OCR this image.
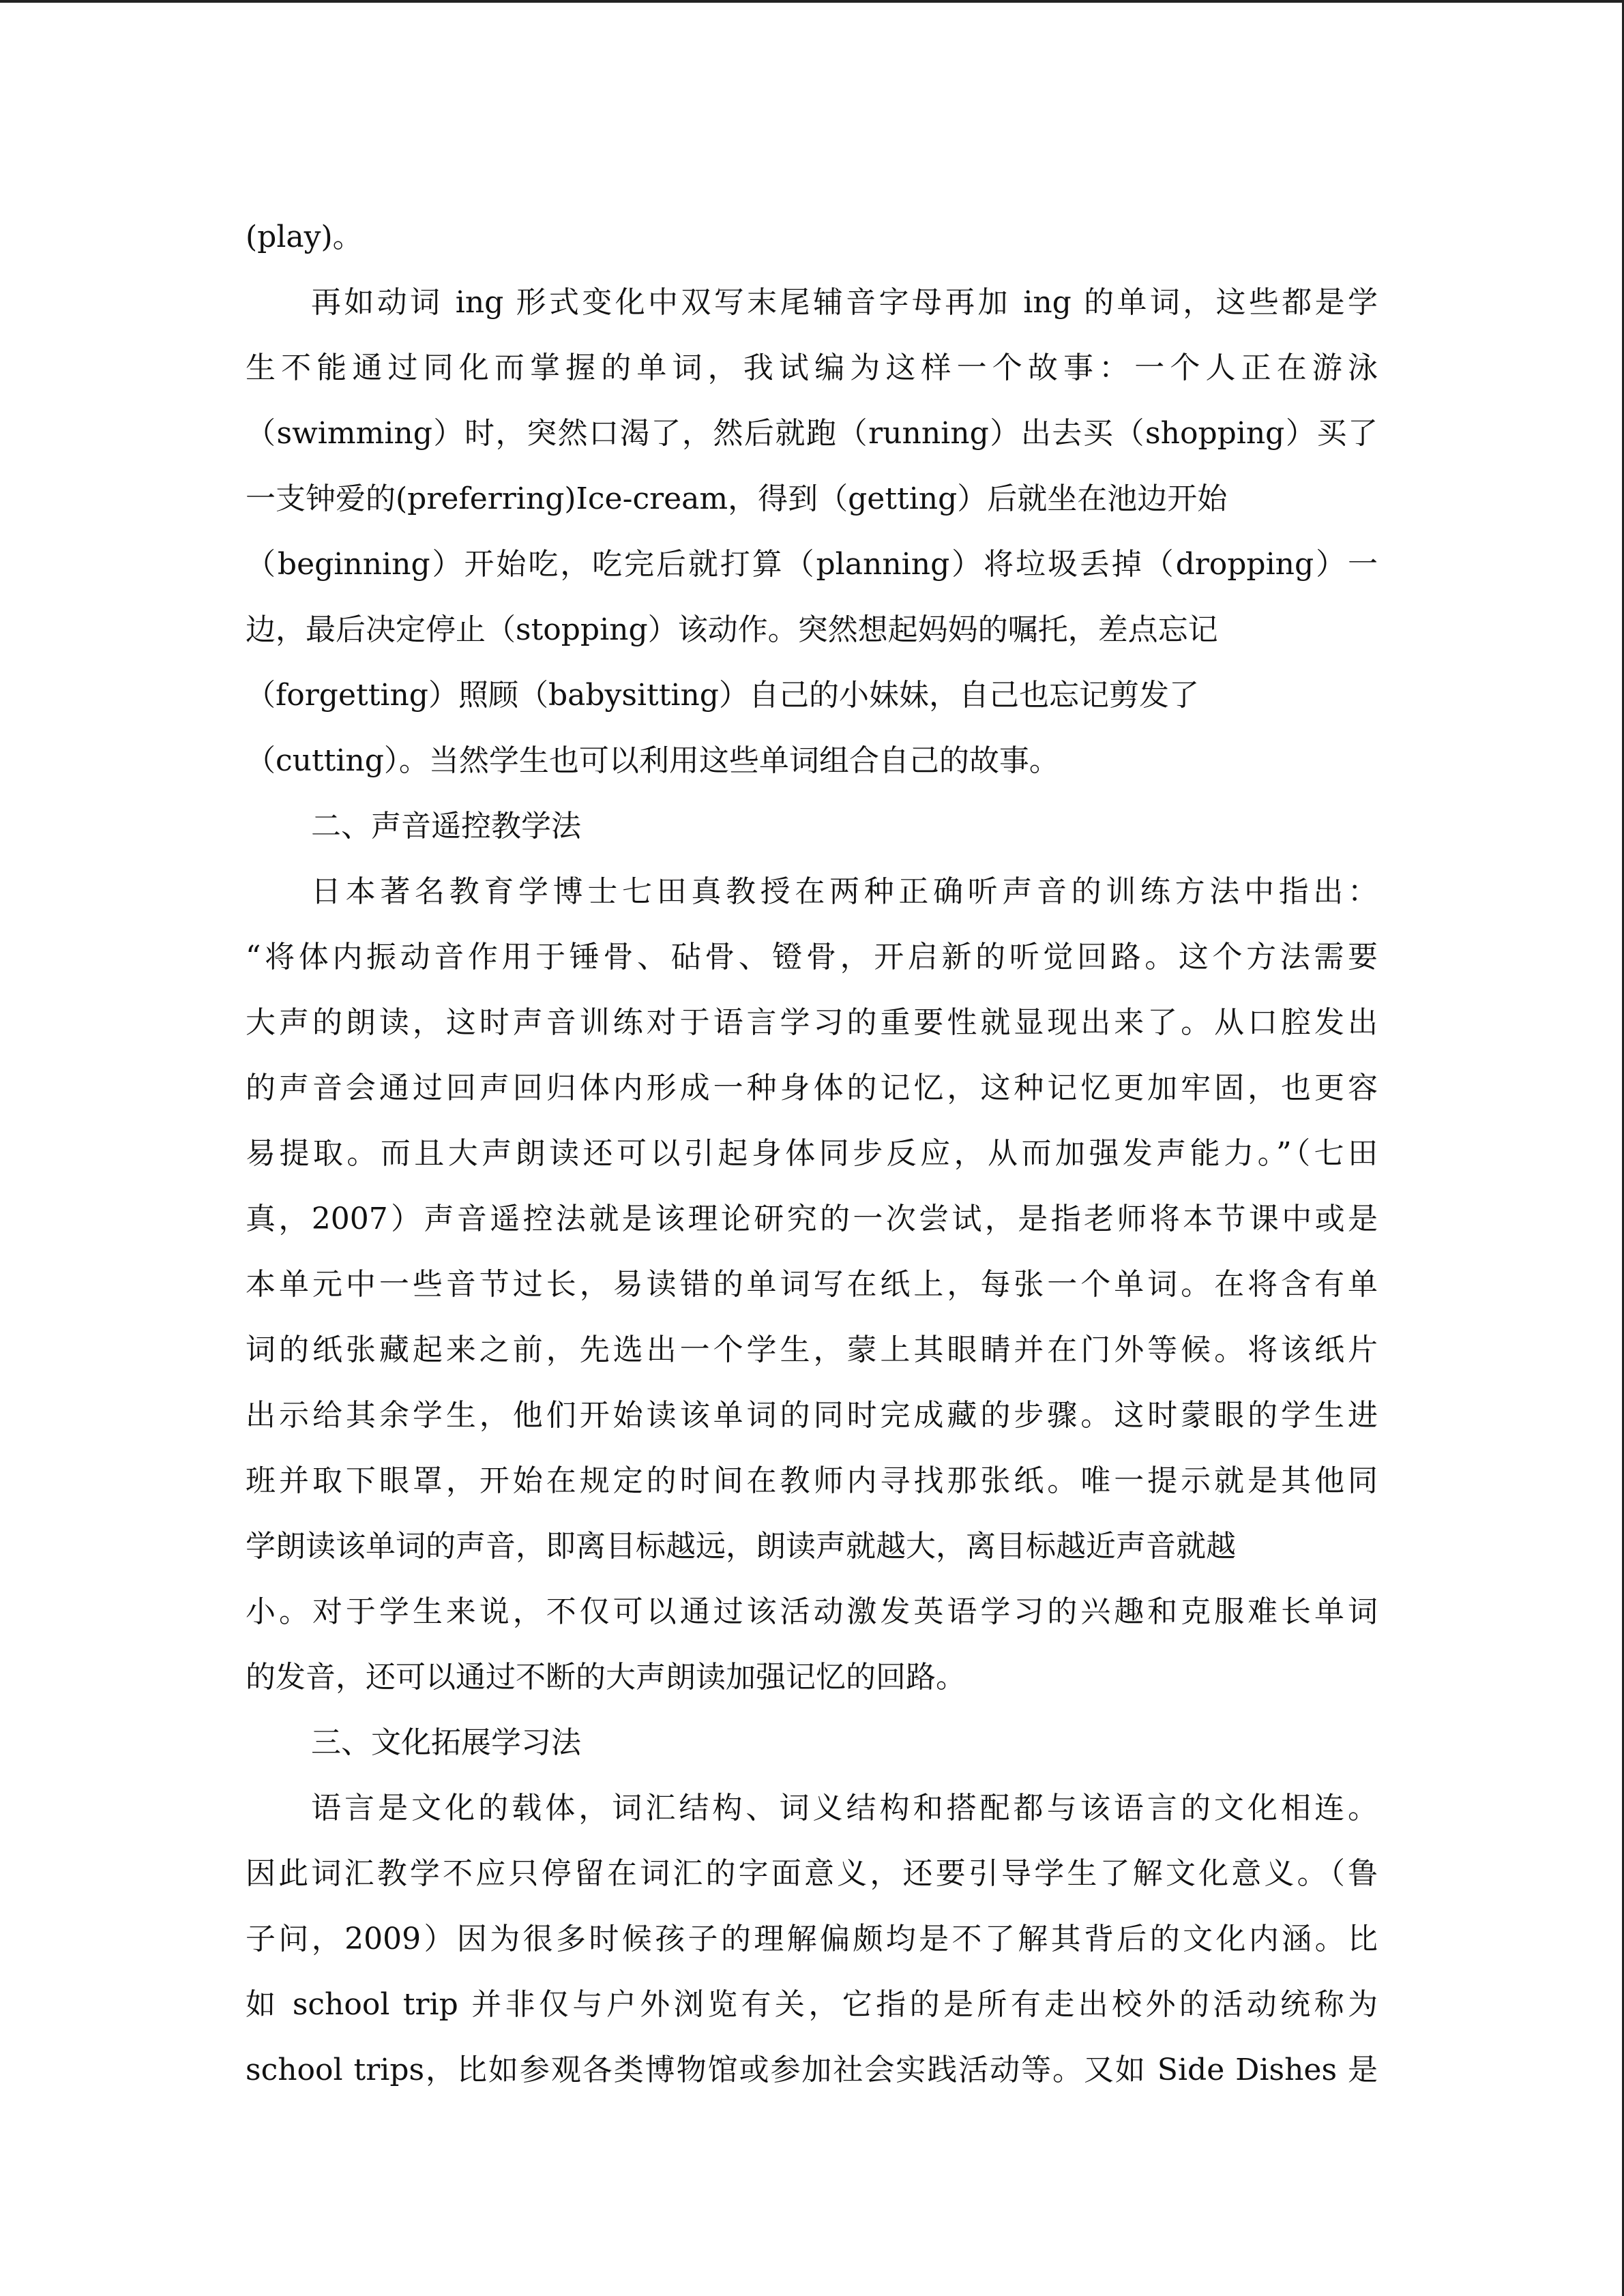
(play)。
再如动词 ing 形式变化中双写末尾辅音字母再加 ing 的单词，这些都是学
生不能通过同化而掌握的单词，我试编为这样一个故事：一个人正在游泳
（swimming）时，突然口渴了，然后就跑（running）出去买（shopping）买了
一支钟爱的(preferring)Ice-cream，得到（getting）后就坐在池边开始
（beginning）开始吃，吃完后就打算（planning）将垃圾丢掉（dropping）一
边，最后决定停止（stopping）该动作。突然想起妈妈的嘱托，差点忘记
（forgetting）照顾（babysitting）自己的小妹妹，自己也忘记剪发了
（cutting）。当然学生也可以利用这些单词组合自己的故事。
二、声音遥控教学法
日本著名教育学博士七田真教授在两种正确听声音的训练方法中指出：
“将体内振动音作用于锤骨、砧骨、镫骨，开启新的听觉回路。这个方法需要
大声的朗读，这时声音训练对于语言学习的重要性就显现出来了。从口腔发出
的声音会通过回声回归体内形成一种身体的记忆，这种记忆更加牢固，也更容
易提取。而且大声朗读还可以引起身体同步反应，从而加强发声能力。”（七田
真，2007）声音遥控法就是该理论研究的一次尝试，是指老师将本节课中或是
本单元中一些音节过长，易读错的单词写在纸上，每张一个单词。在将含有单
词的纸张藏起来之前，先选出一个学生，蒙上其眼睛并在门外等候。将该纸片
出示给其余学生，他们开始读该单词的同时完成藏的步骤。这时蒙眼的学生进
班并取下眼罩，开始在规定的时间在教师内寻找那张纸。唯一提示就是其他同
学朗读该单词的声音，即离目标越远，朗读声就越大，离目标越近声音就越
小。对于学生来说，不仅可以通过该活动激发英语学习的兴趣和克服难长单词
的发音，还可以通过不断的大声朗读加强记忆的回路。
三、文化拓展学习法
语言是文化的载体，词汇结构、词义结构和搭配都与该语言的文化相连。
因此词汇教学不应只停留在词汇的字面意义，还要引导学生了解文化意义。（鲁
子问，2009）因为很多时候孩子的理解偏颇均是不了解其背后的文化内涵。比
如 school trip 并非仅与户外浏览有关，它指的是所有走出校外的活动统称为
school trips，比如参观各类博物馆或参加社会实践活动等。又如 Side Dishes 是
